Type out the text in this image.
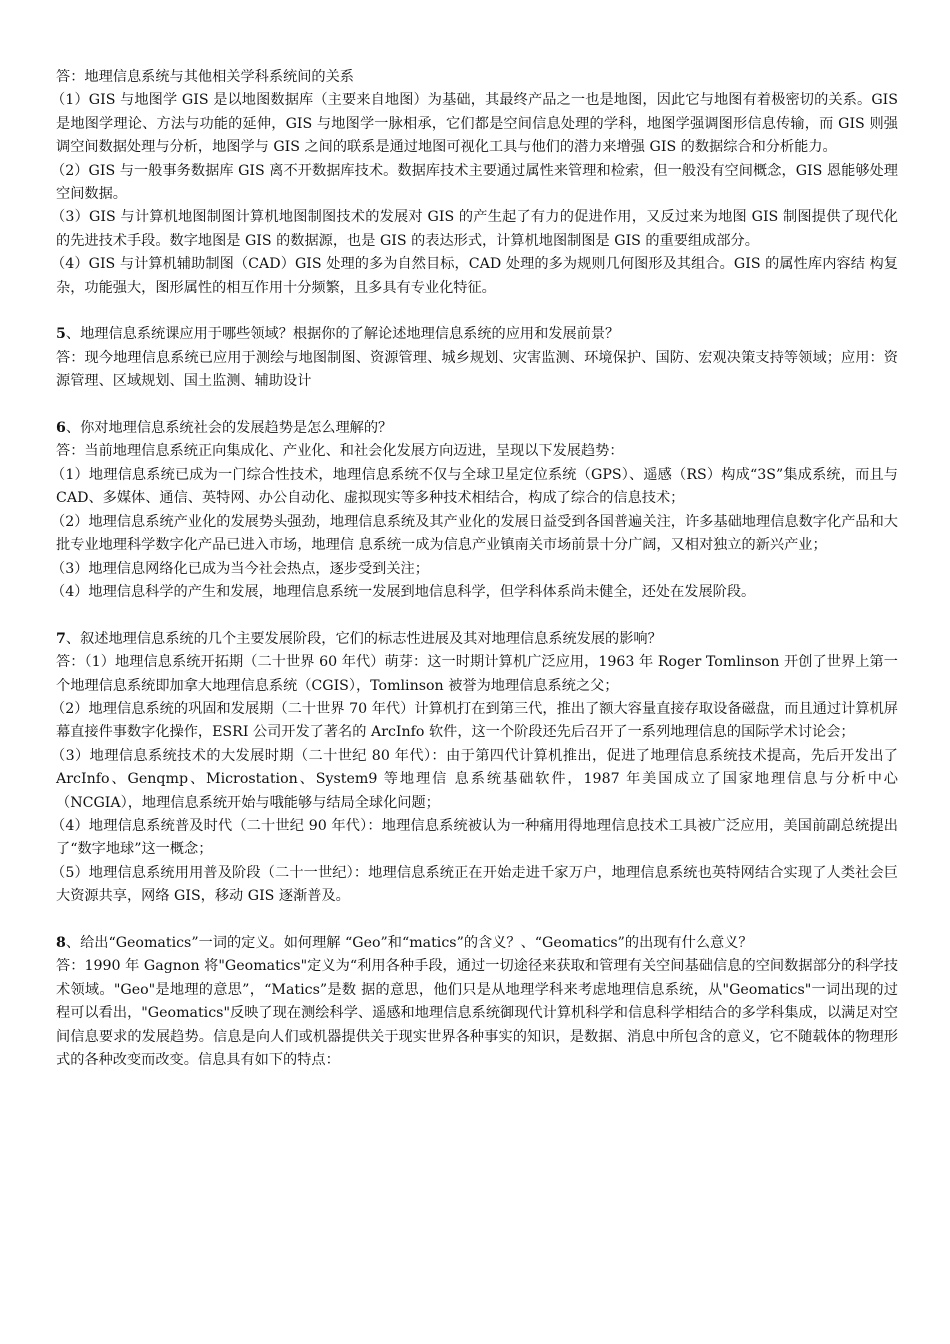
答：地理信息系统与其他相关学科系统间的关系

（1）GIS 与地图学 GIS 是以地图数据库（主要来自地图）为基础，其最终产品之一也是地图，因此它与地图有着极密切的关系。GIS 是地图学理论、方法与功能的延伸，GIS 与地图学一脉相承，它们都是空间信息处理的学科，地图学强调图形信息传输，而 GIS 则强调空间数据处理与分析，地图学与 GIS 之间的联系是通过地图可视化工具与他们的潜力来增强 GIS 的数据综合和分析能力。

（2）GIS 与一般事务数据库 GIS 离不开数据库技术。数据库技术主要通过属性来管理和检索，但一般没有空间概念，GIS 恩能够处理空间数据。

（3）GIS 与计算机地图制图计算机地图制图技术的发展对 GIS 的产生起了有力的促进作用，又反过来为地图 GIS 制图提供了现代化的先进技术手段。数字地图是 GIS 的数据源，也是 GIS 的表达形式，计算机地图制图是 GIS 的重要组成部分。

（4）GIS 与计算机辅助制图（CAD）GIS 处理的多为自然目标，CAD 处理的多为规则几何图形及其组合。GIS 的属性库内容结 构复杂，功能强大，图形属性的相互作用十分频繁，且多具有专业化特征。

5、地理信息系统课应用于哪些领域？根据你的了解论述地理信息系统的应用和发展前景？

答：现今地理信息系统已应用于测绘与地图制图、资源管理、城乡规划、灾害监测、环境保护、国防、宏观决策支持等领域；应用：资源管理、区域规划、国土监测、辅助设计

6、你对地理信息系统社会的发展趋势是怎么理解的？

答：当前地理信息系统正向集成化、产业化、和社会化发展方向迈进，呈现以下发展趋势：

（1）地理信息系统已成为一门综合性技术，地理信息系统不仅与全球卫星定位系统（GPS）、遥感（RS）构成“3S”集成系统，而且与 CAD、多媒体、通信、英特网、办公自动化、虚拟现实等多种技术相结合，构成了综合的信息技术；

（2）地理信息系统产业化的发展势头强劲，地理信息系统及其产业化的发展日益受到各国普遍关注，许多基础地理信息数字化产品和大批专业地理科学数字化产品已进入市场，地理信 息系统一成为信息产业镇南关市场前景十分广阔，又相对独立的新兴产业；

（3）地理信息网络化已成为当今社会热点，逐步受到关注；

（4）地理信息科学的产生和发展，地理信息系统一发展到地信息科学，但学科体系尚未健全，还处在发展阶段。

7、叙述地理信息系统的几个主要发展阶段，它们的标志性进展及其对地理信息系统发展的影响？

答：（1）地理信息系统开拓期（二十世界 60 年代）萌芽：这一时期计算机广泛应用，1963 年 Roger Tomlinson 开创了世界上第一个地理信息系统即加拿大地理信息系统（CGIS），Tomlinson 被誉为地理信息系统之父；

（2）地理信息系统的巩固和发展期（二十世界 70 年代）计算机打在到第三代，推出了额大容量直接存取设备磁盘，而且通过计算机屏幕直接件事数字化操作，ESRI 公司开发了著名的 ArcInfo 软件，这一个阶段还先后召开了一系列地理信息的国际学术讨论会；

（3）地理信息系统技术的大发展时期（二十世纪 80 年代）：由于第四代计算机推出，促进了地理信息系统技术提高，先后开发出了 ArcInfo、Genqmp、Microstation、System9 等地理信 息系统基础软件，1987 年美国成立了国家地理信息与分析中心（NCGIA），地理信息系统开始与哦能够与结局全球化问题；

（4）地理信息系统普及时代（二十世纪 90 年代）：地理信息系统被认为一种痛用得地理信息技术工具被广泛应用，美国前副总统提出了“数字地球”这一概念；

（5）地理信息系统用用普及阶段（二十一世纪）：地理信息系统正在开始走进千家万户，地理信息系统也英特网结合实现了人类社会巨大资源共享，网络 GIS，移动 GIS 逐渐普及。

8、给出“Geomatics”一词的定义。如何理解 “Geo”和“matics”的含义？、“Geomatics”的出现有什么意义？

答：1990 年 Gagnon 将"Geomatics"定义为“利用各种手段，通过一切途径来获取和管理有关空间基础信息的空间数据部分的科学技术领域。"Geo"是地理的意思”，“Matics”是数 据的意思，他们只是从地理学科来考虑地理信息系统，从"Geomatics"一词出现的过程可以看出，"Geomatics"反映了现在测绘科学、遥感和地理信息系统御现代计算机科学和信息科学相结合的多学科集成，以满足对空间信息要求的发展趋势。信息是向人们或机器提供关于现实世界各种事实的知识，是数据、消息中所包含的意义，它不随载体的物理形式的各种改变而改变。信息具有如下的特点：
